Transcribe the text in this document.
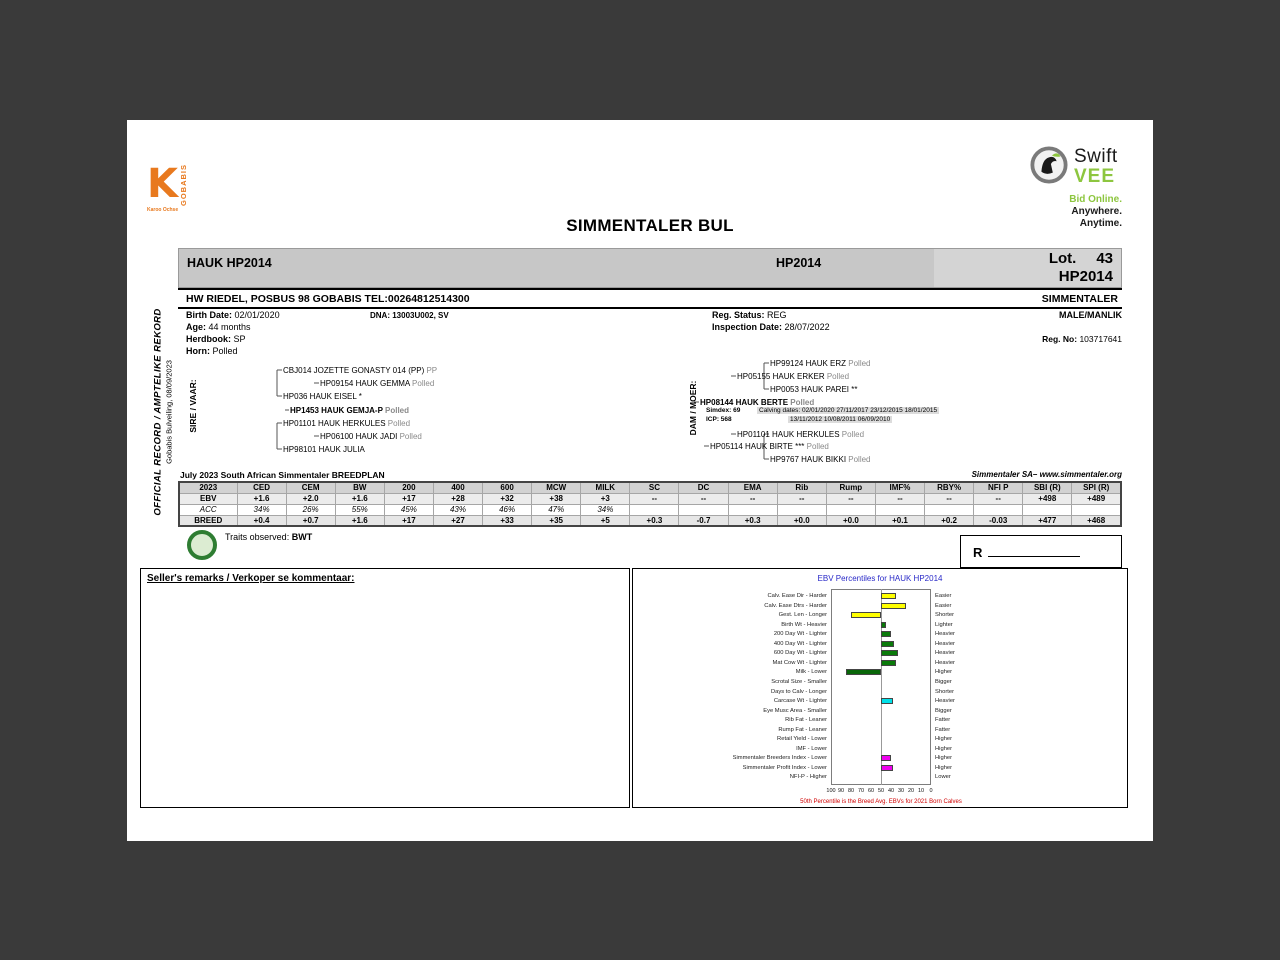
K GOBABIS
Karoo Ochse
Swift
VEE
Bid Online.
Anywhere.
Anytime.
SIMMENTALER BUL
HAUK HP2014	HP2014	Lot. 43
HP2014
HW RIEDEL, POSBUS 98 GOBABIS TEL:00264812514300	SIMMENTALER
Birth Date: 02/01/2020	DNA: 13003U002, SV	Reg. Status: REG	MALE/MANLIK
Age: 44 months	Inspection Date: 28/07/2022
Herdbook: SP	Reg. No: 103717641
Horn: Polled
OFFICIAL RECORD / AMPTELIKE REKORD Gobabis Bulveiling, 08/09/2023 SIRE / VAAR:	DAM / MOER:
CBJ014 JOZETTE GONASTY 014 (PP) PP
HP09154 HAUK GEMMA Polled
HP036 HAUK EISEL *
HP1453 HAUK GEMJA-P Polled
HP01101 HAUK HERKULES Polled
HP06100 HAUK JADI Polled
HP98101 HAUK JULIA
HP99124 HAUK ERZ Polled
HP05155 HAUK ERKER Polled
HP0053 HAUK PAREI **
HP08144 HAUK BERTE Polled
HP01101 HAUK HERKULES Polled
HP05114 HAUK BIRTE *** Polled
HP9767 HAUK BIKKI Polled
Simdex: 69	Calving dates: 02/01/2020 27/11/2017 23/12/2015 18/01/2015
ICP: 568	13/11/2012 10/08/2011 06/09/2010
July 2023 South African Simmentaler BREEDPLAN	Simmentaler SA– www.simmentaler.org
2023	CED	CEM	BW	200	400	600	MCW	MILK	SC	DC	EMA	Rib	Rump	IMF%	RBY%	NFI P	SBI (R)	SPI (R)
EBV	+1.6	+2.0	+1.6	+17	+28	+32	+38	+3	--	--	--	--	--	--	--	--	+498	+489
ACC	34%	26%	55%	45%	43%	46%	47%	34%										
BREED	+0.4	+0.7	+1.6	+17	+27	+33	+35	+5	+0.3	-0.7	+0.3	+0.0	+0.0	+0.1	+0.2	-0.03	+477	+468
Traits observed: BWT
R
Seller's remarks / Verkoper se kommentaar:	EBV Percentiles for HAUK HP2014
50th Percentile is the Breed Avg. EBVs for 2021 Born Calves
Calv. Ease Dir - Harder	Easier
Calv. Ease Dtrs - Harder	Easier
Gest. Len - Longer	Shorter
Birth Wt - Heavier	Lighter
200 Day Wt - Lighter	Heavier
400 Day Wt - Lighter	Heavier
600 Day Wt - Lighter	Heavier
Mat Cow Wt - Lighter	Heavier
Milk - Lower	Higher
Scrotal Size - Smaller	Bigger
Days to Calv - Longer	Shorter
Carcase Wt - Lighter	Heavier
Eye Musc Area - Smaller	Bigger
Rib Fat - Leaner	Fatter
Rump Fat - Leaner	Fatter
Retail Yield - Lower	Higher
IMF - Lower	Higher
Simmentaler Breeders Index - Lower	Higher
Simmentaler Profit Index - Lower	Higher
NFI-P - Higher	Lower
100 90 80 70 60 50 40 30 20 10 0
